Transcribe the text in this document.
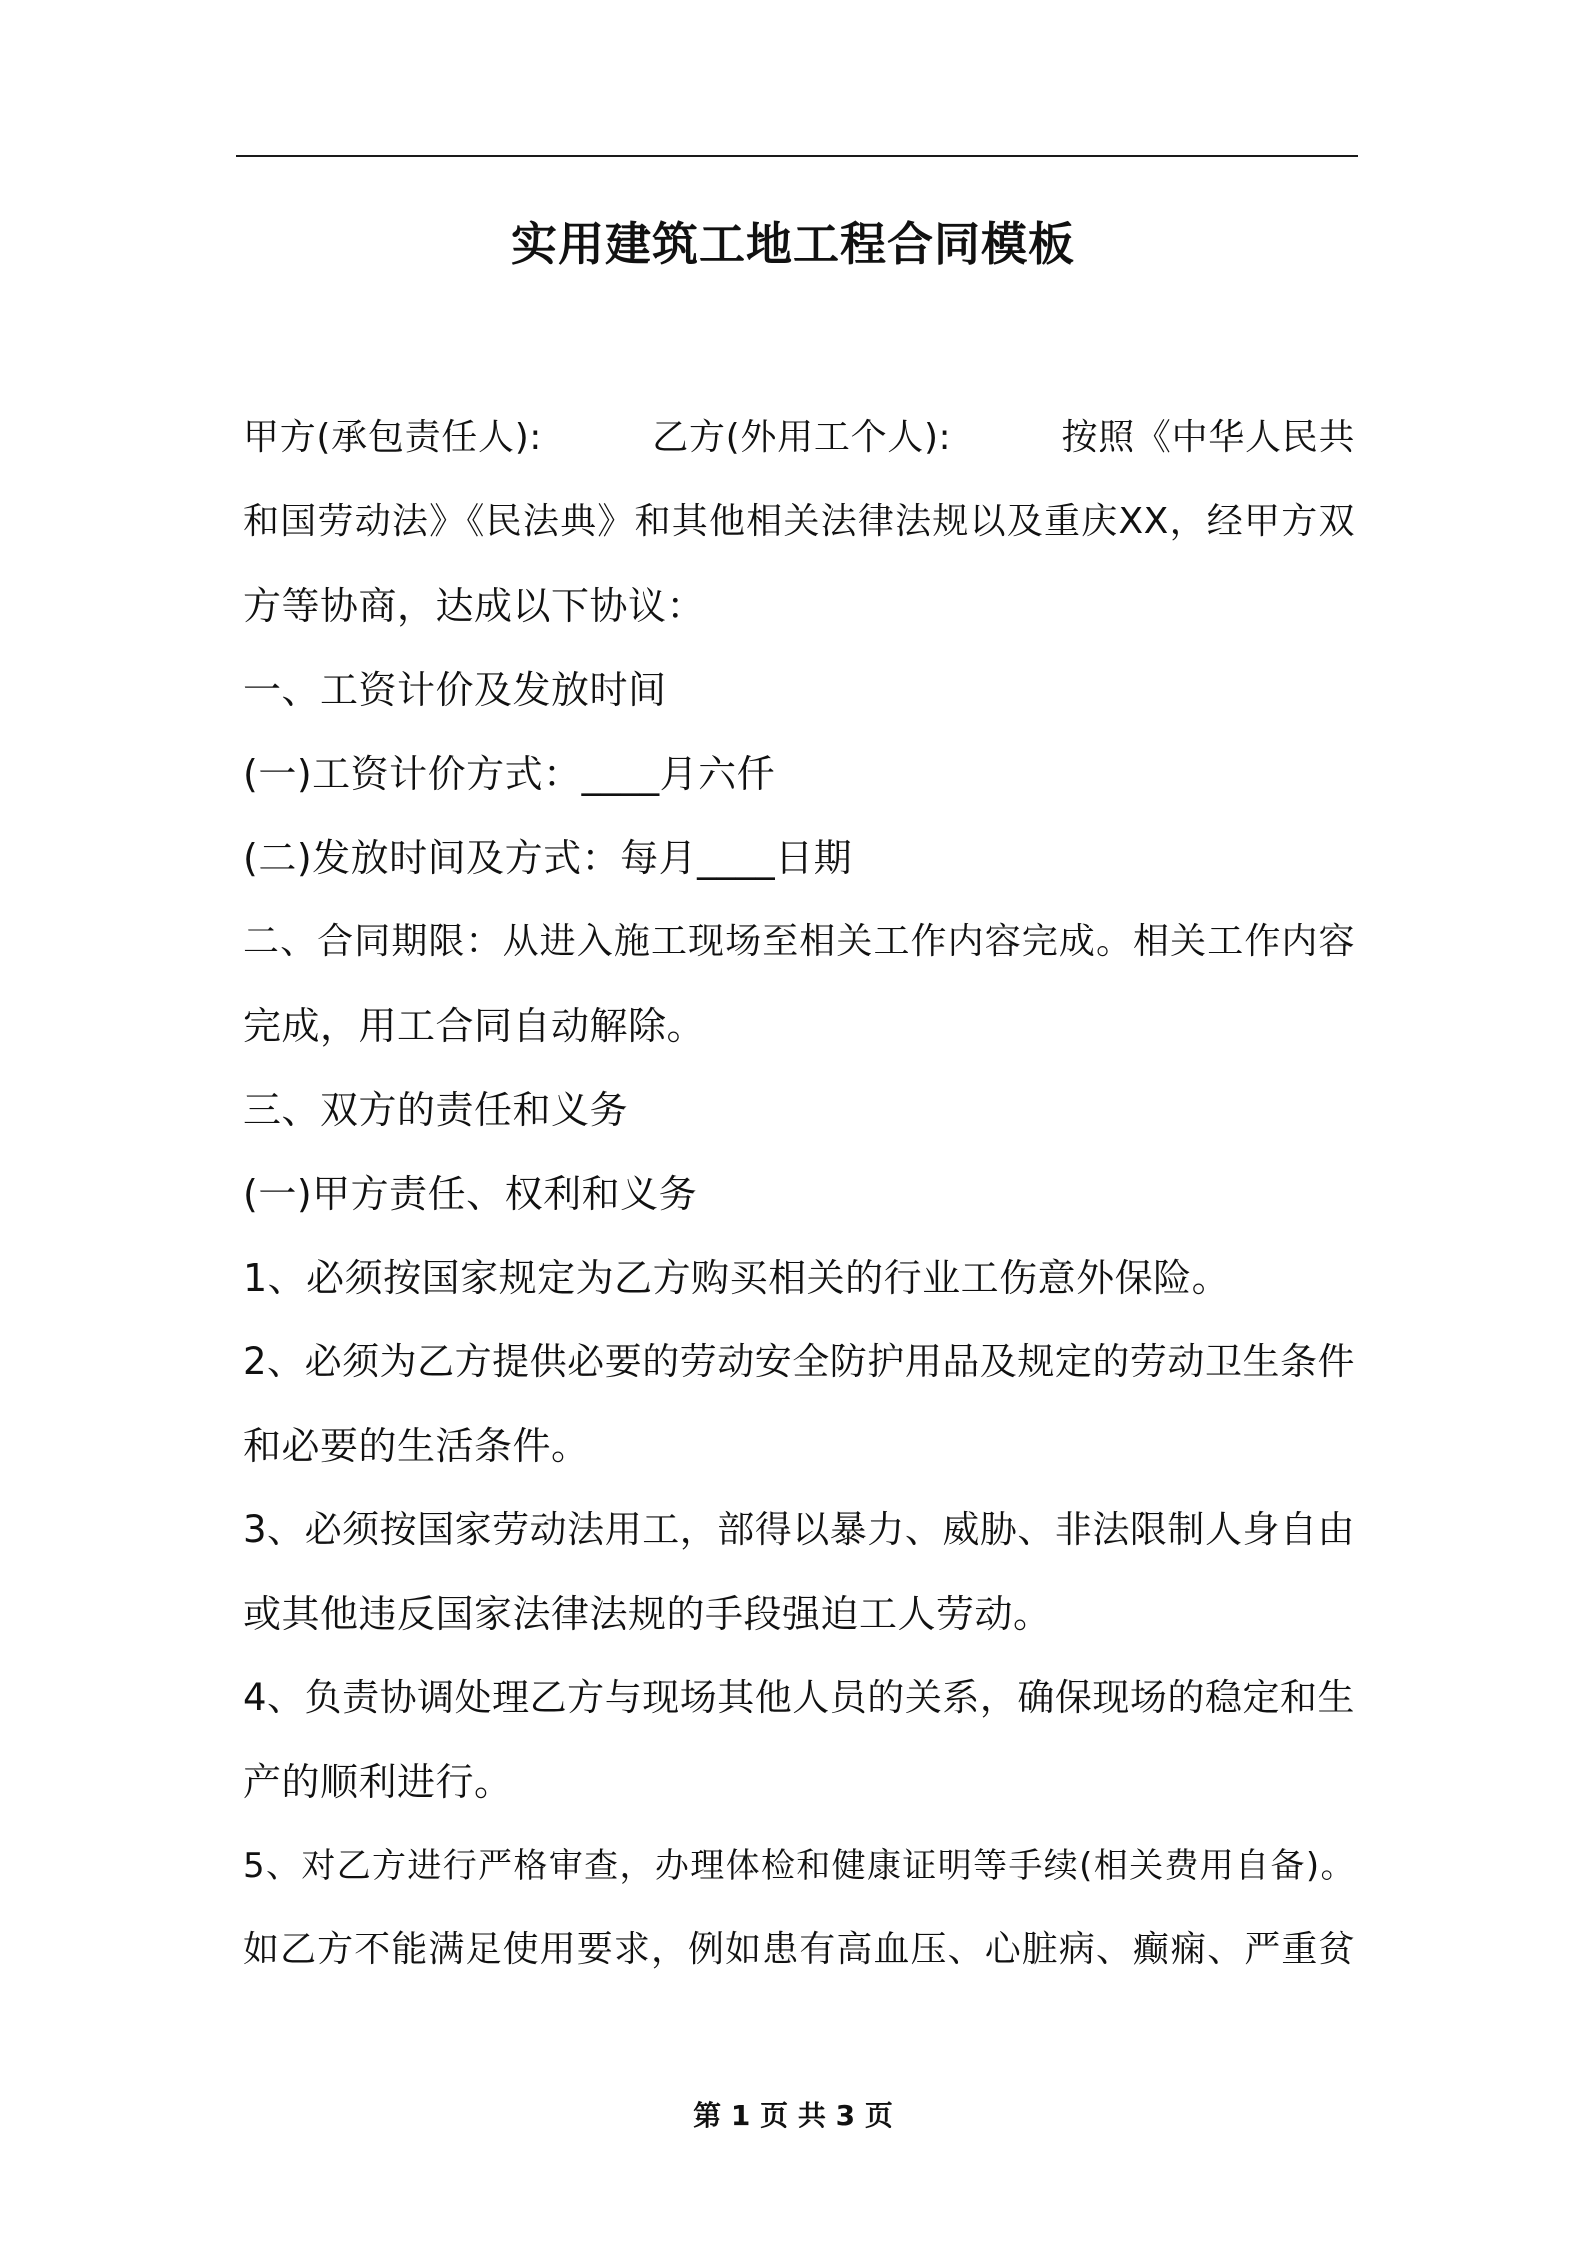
实用建筑工地工程合同模板
甲方(承包责任人):　　　乙方(外用工个人):　　　按照《中华人民共
和国劳动法》《民法典》和其他相关法律法规以及重庆XX，经甲方双
方等协商，达成以下协议：
一、工资计价及发放时间
(一)工资计价方式：____月六仟
(二)发放时间及方式：每月____日期
二、合同期限：从进入施工现场至相关工作内容完成。相关工作内容
完成，用工合同自动解除。
三、双方的责任和义务
(一)甲方责任、权利和义务
1、必须按国家规定为乙方购买相关的行业工伤意外保险。
2、必须为乙方提供必要的劳动安全防护用品及规定的劳动卫生条件
和必要的生活条件。
3、必须按国家劳动法用工，部得以暴力、威胁、非法限制人身自由
或其他违反国家法律法规的手段强迫工人劳动。
4、负责协调处理乙方与现场其他人员的关系，确保现场的稳定和生
产的顺利进行。
5、对乙方进行严格审查，办理体检和健康证明等手续(相关费用自备)。
如乙方不能满足使用要求，例如患有高血压、心脏病、癫痫、严重贫
第 1 页 共 3 页
